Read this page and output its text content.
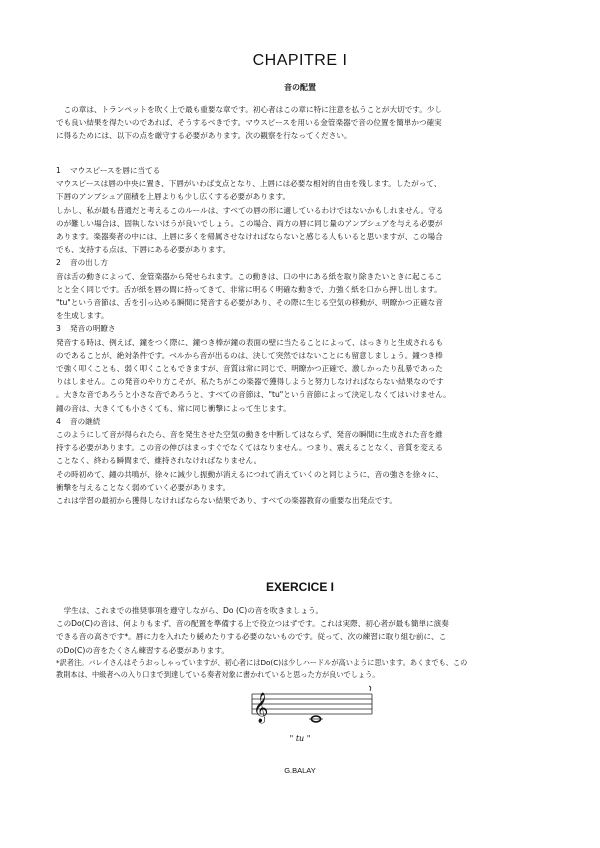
CHAPITRE I
音の配置

　この章は、トランペットを吹く上で最も重要な章です。初心者はこの章に特に注意を払うことが大切です。少し

でも良い結果を得たいのであれば、そうするべきです。マウスピースを用いる金管楽器で音の位置を簡単かつ確実

に得るためには、以下の点を厳守する必要があります。次の観察を行なってください。

1 マウスピースを唇に当てる

マウスピースは唇の中央に置き、下唇がいわば支点となり、上唇には必要な相対的自由を残します。したがって、

下唇のアンブシュア面積を上唇よりも少し広くする必要があります。

しかし、私が最も普通だと考えるこのルールは、すべての唇の形に適しているわけではないかもしれません。守る

のが難しい場合は、固執しないほうが良いでしょう。この場合、両方の唇に同じ量のアンブシュアを与える必要が

あります。楽器奏者の中には、上唇に多くを帰属させなければならないと感じる人もいると思いますが、この場合

でも、支持する点は、下唇にある必要があります。

2 音の出し方

音は舌の動きによって、金管楽器から発せられます。この動きは、口の中にある紙を取り除きたいときに起こるこ

とと全く同じです。舌が紙を唇の間に持ってきて、非常に明るく明確な動きで、力強く紙を口から押し出します。

"tu"という音節は、舌を引っ込める瞬間に発音する必要があり、その際に生じる空気の移動が、明瞭かつ正確な音

を生成します。

3 発音の明瞭さ

発音する時は、例えば、鐘をつく際に、鐘つき棒が鐘の表面の壁に当たることによって、はっきりと生成されるも

のであることが、絶対条件です。ベルから音が出るのは、決して突然ではないことにも留意しましょう。鐘つき棒

で強く叩くことも、弱く叩くこともできますが、音質は常に同じで、明瞭かつ正確で、激しかったり乱暴であった

りはしません。この発音のやり方こそが、私たちがこの楽器で獲得しようと努力しなければならない結果なのです

。大きな音であろうと小さな音であろうと、すべての音節は、"tu"という音節によって決定しなくてはいけません。

鐘の音は、大きくても小さくても、常に同じ衝撃によって生じます。

4 音の継続

このようにして音が得られたら、音を発生させた空気の動きを中断してはならず、発音の瞬間に生成された音を維

持する必要があります。この音の伸びはまっすぐでなくてはなりません。つまり、震えることなく、音質を変える

ことなく、終わる瞬間まで、維持されなければなりません。

その時初めて、鐘の共鳴が、徐々に減少し振動が消えるにつれて消えていくのと同じように、音の強さを徐々に、

衝撃を与えることなく弱めていく必要があります。

これは学習の最初から獲得しなければならない結果であり、すべての楽器教育の重要な出発点です。

EXERCICE I

　学生は、これまでの推奨事項を遵守しながら、Do (C)の音を吹きましょう。

このDo(C)の音は、何よりもまず、音の配置を準備する上で役立つはずです。これは実際、初心者が最も簡単に演奏

できる音の高さです*。唇に力を入れたり緩めたりする必要のないものです。従って、次の練習に取り組む前に、こ

のDo(C)の音をたくさん練習する必要があります。

*訳者注。バレイさんはそうおっしゃっていますが、初心者にはDo(C)は少しハードルが高いように思います。あくまでも、この

教則本は、中級者への入り口まで到達している奏者対象に書かれていると思った方が良いでしょう。

𝄞
" tu "
G.BALAY
